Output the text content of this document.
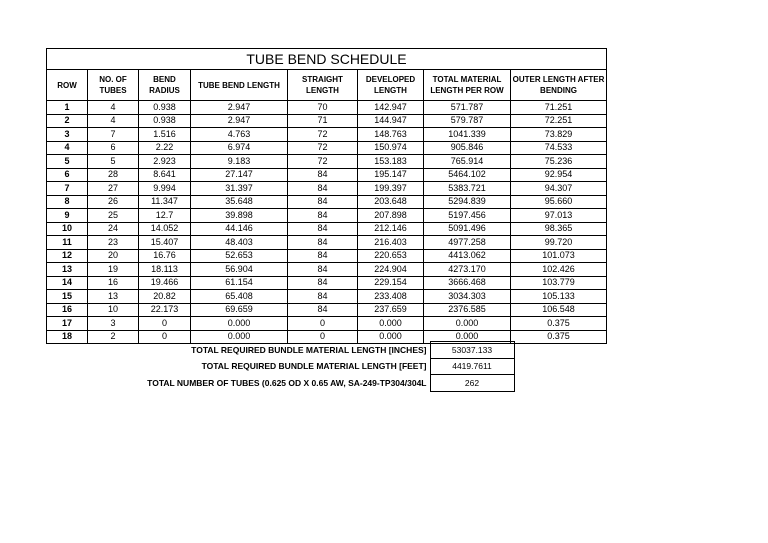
TUBE BEND SCHEDULE							
ROW	NO. OF TUBES	BEND RADIUS	TUBE BEND LENGTH	STRAIGHT LENGTH	DEVELOPED LENGTH	TOTAL MATERIAL LENGTH PER ROW	OUTER LENGTH AFTER BENDING
1	4	0.938	2.947	70	142.947	571.787	71.251
2	4	0.938	2.947	71	144.947	579.787	72.251
3	7	1.516	4.763	72	148.763	1041.339	73.829
4	6	2.22	6.974	72	150.974	905.846	74.533
5	5	2.923	9.183	72	153.183	765.914	75.236
6	28	8.641	27.147	84	195.147	5464.102	92.954
7	27	9.994	31.397	84	199.397	5383.721	94.307
8	26	11.347	35.648	84	203.648	5294.839	95.660
9	25	12.7	39.898	84	207.898	5197.456	97.013
10	24	14.052	44.146	84	212.146	5091.496	98.365
11	23	15.407	48.403	84	216.403	4977.258	99.720
12	20	16.76	52.653	84	220.653	4413.062	101.073
13	19	18.113	56.904	84	224.904	4273.170	102.426
14	16	19.466	61.154	84	229.154	3666.468	103.779
15	13	20.82	65.408	84	233.408	3034.303	105.133
16	10	22.173	69.659	84	237.659	2376.585	106.548
17	3	0	0.000	0	0.000	0.000	0.375
18	2	0	0.000	0	0.000	0.000	0.375
TOTAL REQUIRED BUNDLE MATERIAL LENGTH [INCHES]	53037.133
TOTAL REQUIRED BUNDLE MATERIAL LENGTH [FEET]	4419.7611
TOTAL NUMBER OF TUBES (0.625 OD X 0.65 AW, SA-249-TP304/304L	262
